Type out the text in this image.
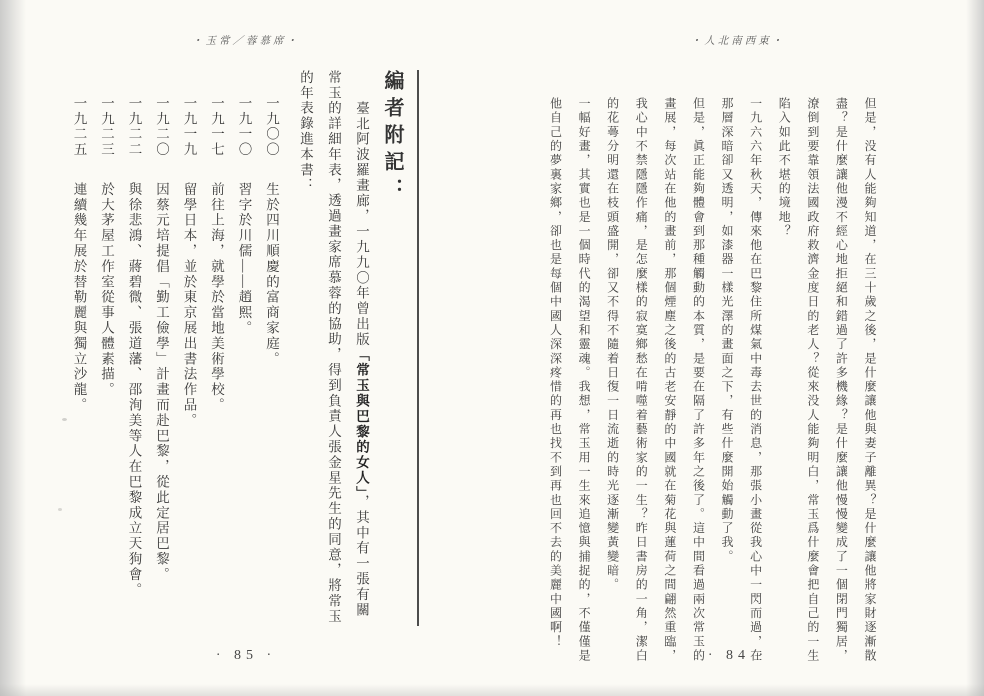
・玉常／蓉慕席・
編者附記：

臺北阿波羅畫廊，一九九〇年曾出版「常玉與巴黎的女人」，其中有一張有關常玉的詳細年表，透過畫家席慕蓉的協助，得到負責人張金星先生的同意，將常玉的年表錄進本書：

一九〇〇生於四川順慶的富商家庭。
一九一〇習字於川儒——趙熙。
一九一七前往上海，就學於當地美術學校。
一九一九留學日本，並於東京展出書法作品。
一九二〇因蔡元培提倡「勤工儉學」計畫而赴巴黎，從此定居巴黎。
一九二二與徐悲鴻、蔣碧微、張道藩、邵洵美等人在巴黎成立天狗會。
一九二三於大茅屋工作室從事人體素描。
一九二五連續幾年展於替勒麗與獨立沙龍。
· 85 ·
・人北南西東・

但是，没有人能夠知道，在三十歲之後，是什麼讓他與妻子離異？是什麼讓他將家財逐漸散盡？是什麼讓他漫不經心地拒絕和錯過了許多機緣？是什麼讓他慢慢變成了一個閉門獨居，潦倒到要靠領法國政府救濟金度日的老人？從來没人能夠明白，常玉爲什麼會把自己的一生陷入如此不堪的境地？

一九六六年秋天，傳來他在巴黎住所煤氣中毒去世的消息，那張小畫從我心中一閃而過，在那層深暗卻又透明，如漆器一樣光澤的畫面之下，有些什麼開始觸動了我。

但是，眞正能夠體會到那種觸動的本質，是要在隔了許多年之後了。這中間看過兩次常玉的畫展，每次站在他的畫前，那個煙塵之後的古老安靜的中國就在菊花與蓮荷之間翩然重臨，我心中不禁隱隱作痛，是怎麼樣的寂寞鄉愁在啃噬着藝術家的一生？昨日書房的一角，潔白的花蕚分明還在枝頭盛開，卻又不得不隨着日復一日流逝的時光逐漸變黃變暗。

一幅好畫，其實也是一個時代的渴望和靈魂。我想，常玉用一生來追憶與捕捉的，不僅僅是他自己的夢裏家鄉，卻也是每個中國人深深疼惜的再也找不到再也回不去的美麗中國啊！

· 84 ·
